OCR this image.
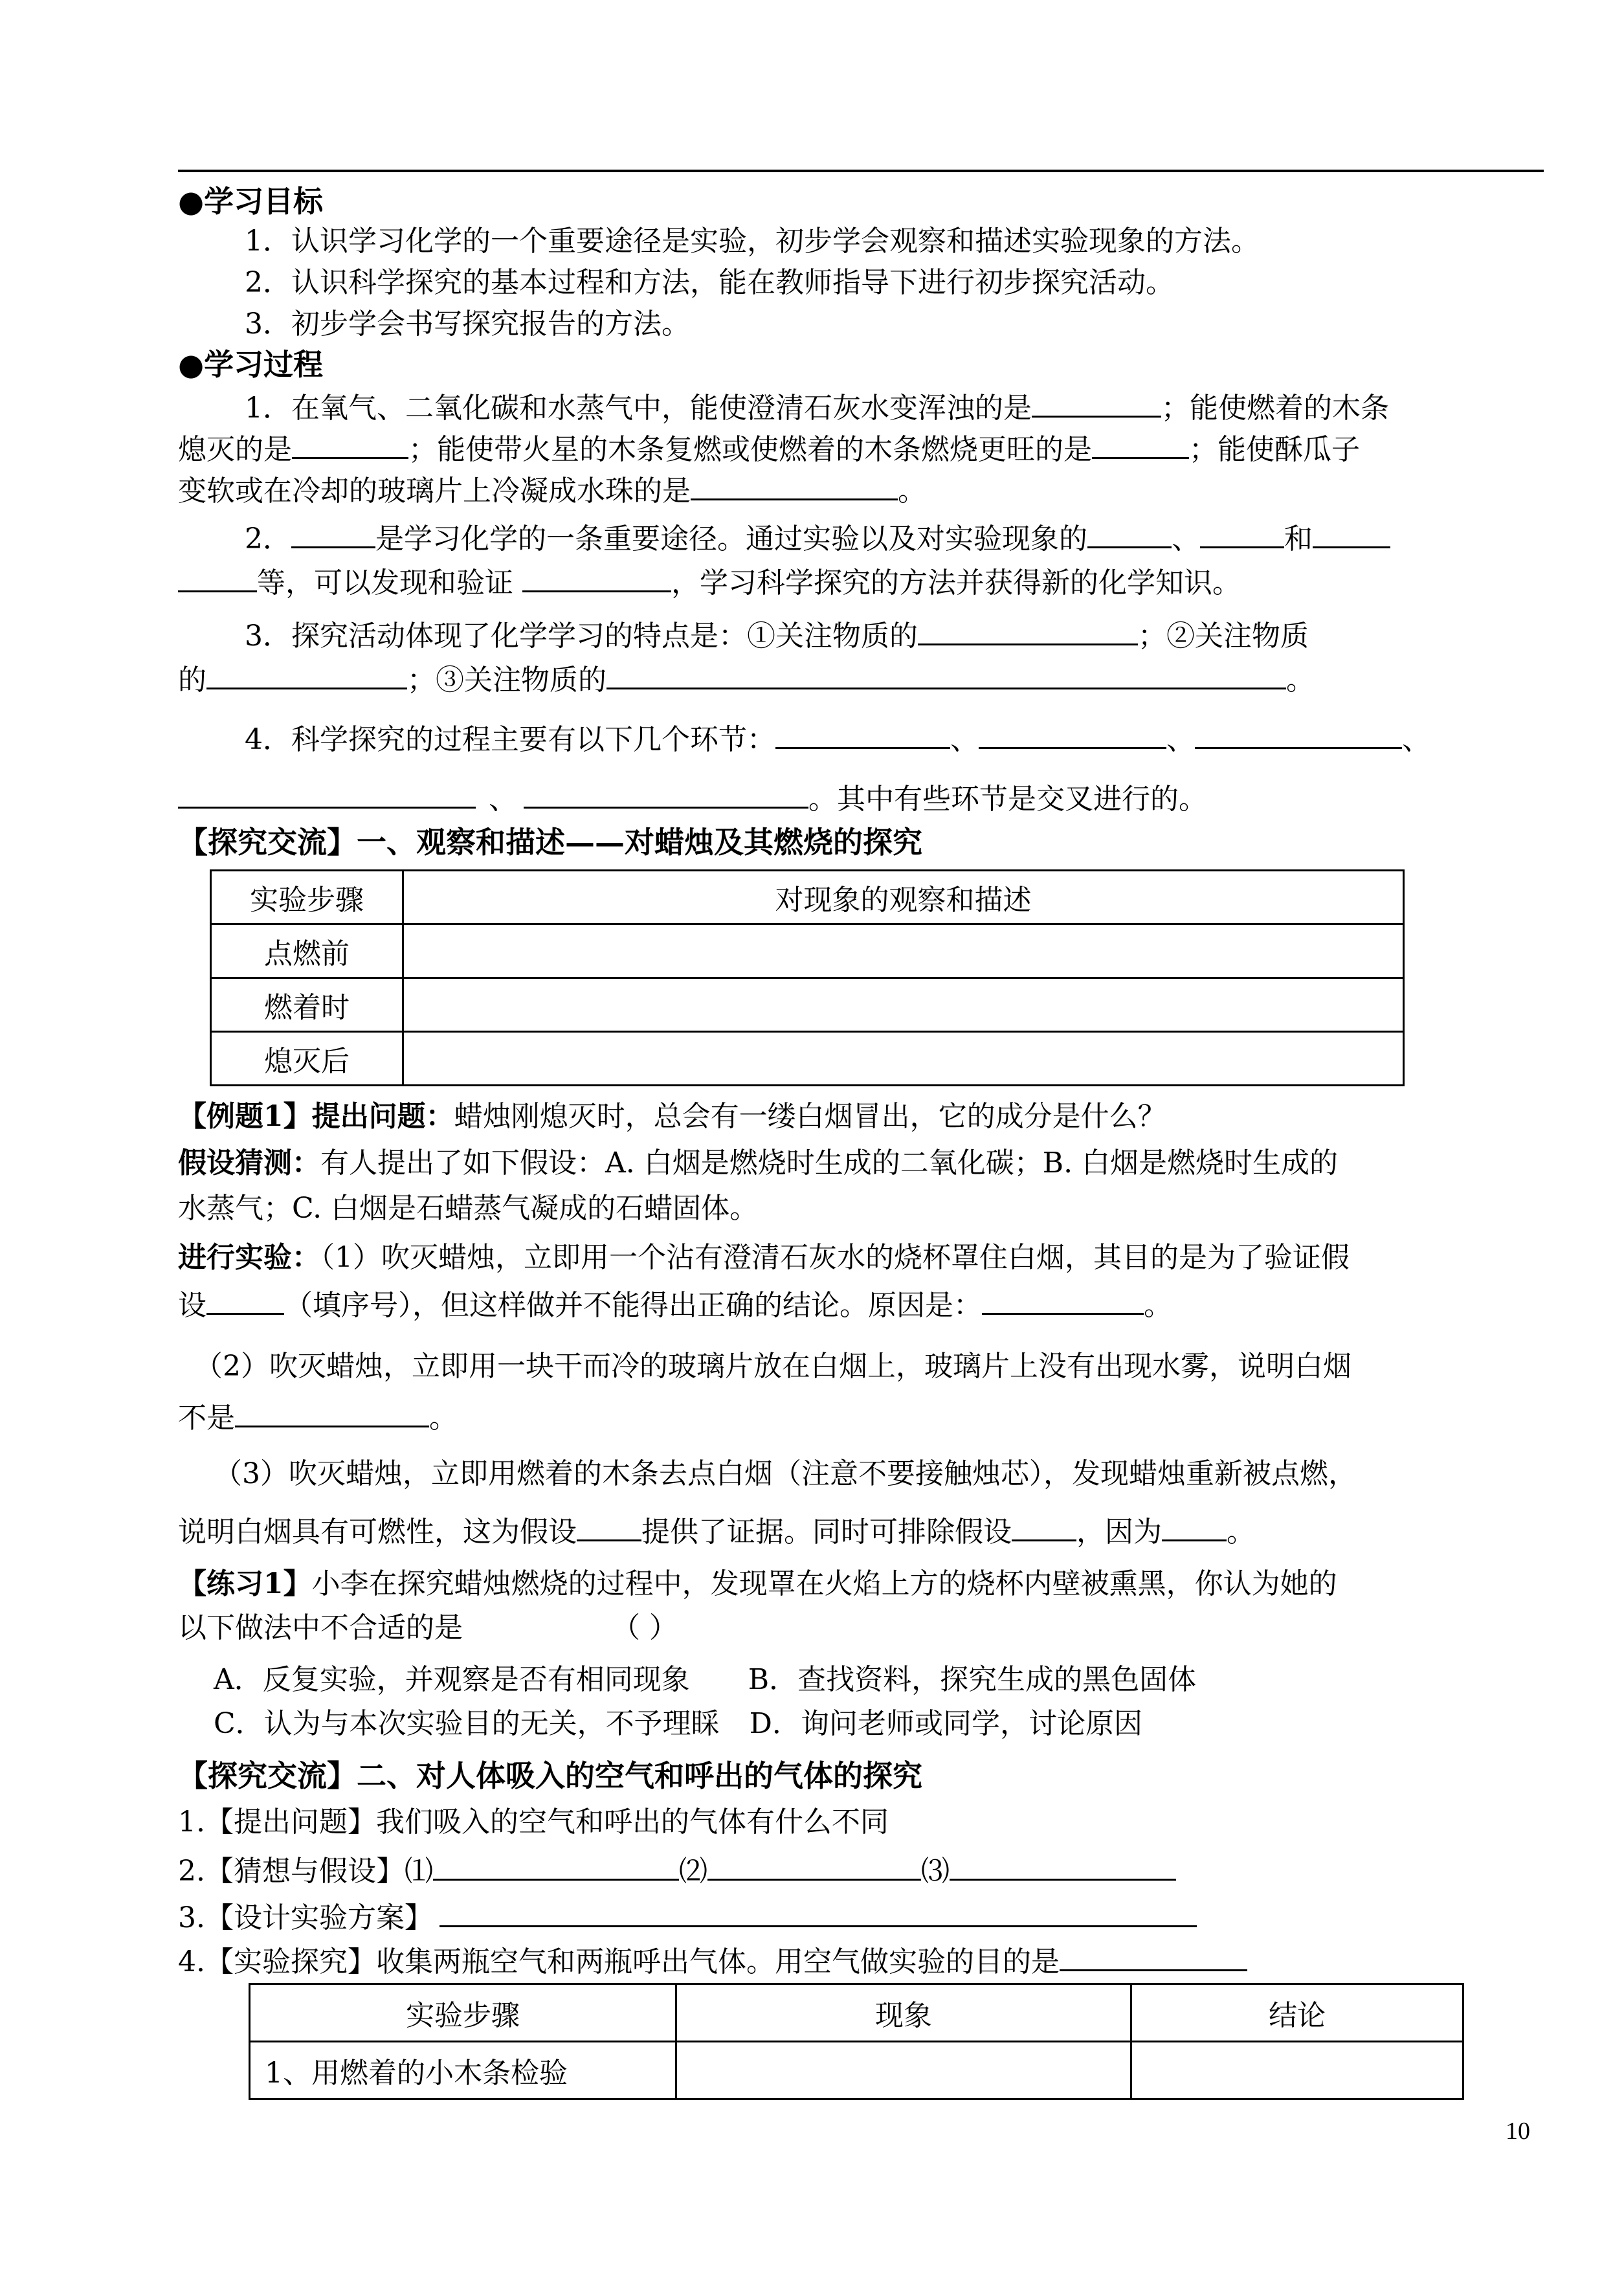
●学习目标
1．认识学习化学的一个重要途径是实验，初步学会观察和描述实验现象的方法。
2．认识科学探究的基本过程和方法，能在教师指导下进行初步探究活动。
3．初步学会书写探究报告的方法。
●学习过程
1．在氧气、二氧化碳和水蒸气中，能使澄清石灰水变浑浊的是	；能使燃着的木条
熄灭的是	；能使带火星的木条复燃或使燃着的木条燃烧更旺的是	；能使酥瓜子
变软或在冷却的玻璃片上冷凝成水珠的是	。
2．	是学习化学的一条重要途径。通过实验以及对实验现象的	、	和
等，可以发现和验证	，学习科学探究的方法并获得新的化学知识。
3．探究活动体现了化学学习的特点是：①关注物质的	；②关注物质
的	；③关注物质的	。
4．科学探究的过程主要有以下几个环节：	、	、	、
、	。其中有些环节是交叉进行的。
【探究交流】一、观察和描述——对蜡烛及其燃烧的探究
实验步骤	对现象的观察和描述
点燃前	
燃着时	
熄灭后	
【例题1】提出问题：蜡烛刚熄灭时，总会有一缕白烟冒出，它的成分是什么？
假设猜测：有人提出了如下假设：A. 白烟是燃烧时生成的二氧化碳；B. 白烟是燃烧时生成的
水蒸气；C. 白烟是石蜡蒸气凝成的石蜡固体。
进行实验：（1）吹灭蜡烛，立即用一个沾有澄清石灰水的烧杯罩住白烟，其目的是为了验证假
设	（填序号），但这样做并不能得出正确的结论。原因是：	。
（2）吹灭蜡烛，立即用一块干而冷的玻璃片放在白烟上，玻璃片上没有出现水雾，说明白烟
不是	。
（3）吹灭蜡烛，立即用燃着的木条去点白烟（注意不要接触烛芯），发现蜡烛重新被点燃，
说明白烟具有可燃性，这为假设 提供了证据。同时可排除假设 ，因为 。
【练习1】小李在探究蜡烛燃烧的过程中，发现罩在火焰上方的烧杯内壁被熏黑，你认为她的
以下做法中不合适的是	（ ）
A．反复实验，并观察是否有相同现象 B．查找资料，探究生成的黑色固体
C．认为与本次实验目的无关，不予理睬 D．询问老师或同学，讨论原因
【探究交流】二、对人体吸入的空气和呼出的气体的探究
1.【提出问题】我们吸入的空气和呼出的气体有什么不同
2.【猜想与假设】⑴	⑵	⑶
3.【设计实验方案】
4.【实验探究】收集两瓶空气和两瓶呼出气体。用空气做实验的目的是
实验步骤	现象	结论
1、用燃着的小木条检验		
10
